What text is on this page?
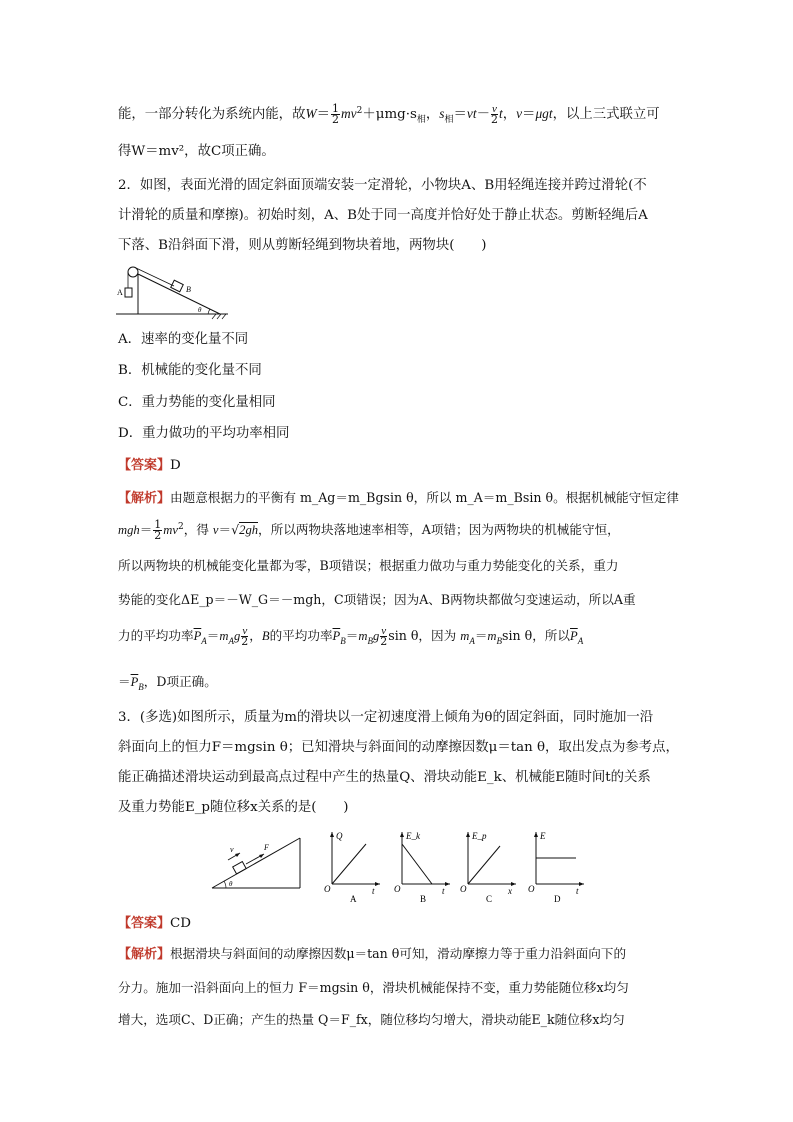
能，一部分转化为系统内能，故$W= \frac{1}{2} mv^2+\mu mg\cdot s_相$，$s_相=vt- \frac{v}{2}$ t，v＝μgt，以上三式联立可
得W＝mv²，故C项正确。
2．如图，表面光滑的固定斜面顶端安装一定滑轮，小物块A、B用轻绳连接并跨过滑轮(不
计滑轮的质量和摩擦)。初始时刻，A、B处于同一高度并恰好处于静止状态。剪断轻绳后A
下落、B沿斜面下滑，则从剪断轻绳到物块着地，两物块(　　)
A	B
θ
A．速率的变化量不同
B．机械能的变化量不同
C．重力势能的变化量相同
D．重力做功的平均功率相同
【答案】D
【解析】由题意根据力的平衡有 m_Ag＝m_Bgsin θ，所以 m_A＝m_Bsin θ。根据机械能守恒定律
$mgh= \frac{1}{2} mv^2$，得 v＝√2gh，所以两物块落地速率相等，A项错；因为两物块的机械能守恒，
所以两物块的机械能变化量都为零，B项错误；根据重力做功与重力势能变化的关系，重力
势能的变化ΔE_p＝－W_G＝－mgh，C项错误；因为A、B两物块都做匀变速运动，所以A重
力的平均功率$\overline{P}_A=m_Ag \frac{v}{2}$ ，B的平均功率$\overline{P}_B=m_Bg \frac{v}{2}$ sin θ，因为 $m_A=m_B\sin$ θ，所以$\overline{P}_A$
$=\overline{P}_B$，D项正确。
3．(多选)如图所示，质量为m的滑块以一定初速度滑上倾角为θ的固定斜面，同时施加一沿
斜面向上的恒力F＝mgsin θ；已知滑块与斜面间的动摩擦因数μ＝tan θ，取出发点为参考点，
能正确描述滑块运动到最高点过程中产生的热量Q、滑块动能E_k、机械能E随时间t的关系
及重力势能E_p随位移x关系的是(　　)
v	F
θ
Q
t
O
A
E_k
t
O
B
E_p
x
O
C
E
t
O
D
【答案】CD
【解析】根据滑块与斜面间的动摩擦因数μ＝tan θ可知，滑动摩擦力等于重力沿斜面向下的
分力。施加一沿斜面向上的恒力 F＝mgsin θ，滑块机械能保持不变，重力势能随位移x均匀
增大，选项C、D正确；产生的热量 Q＝F_fx，随位移均匀增大，滑块动能E_k随位移x均匀
